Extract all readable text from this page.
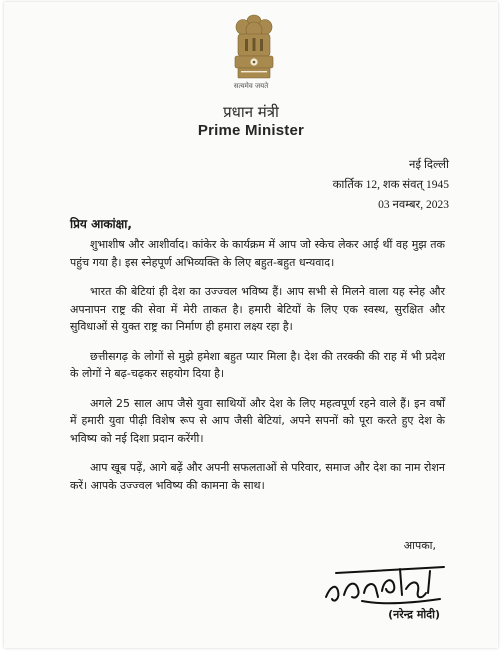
सत्यमेव जयते
प्रधान मंत्री
Prime Minister
नई दिल्ली
कार्तिक 12, शक संवत् 1945
03 नवम्बर, 2023
प्रिय आकांक्षा,

शुभाशीष और आशीर्वाद। कांकेर के कार्यक्रम में आप जो स्केच लेकर आई थीं वह मुझ तक पहुंच गया है। इस स्नेहपूर्ण अभिव्यक्ति के लिए बहुत-बहुत धन्यवाद।

भारत की बेटियां ही देश का उज्ज्वल भविष्य हैं। आप सभी से मिलने वाला यह स्नेह और अपनापन राष्ट्र की सेवा में मेरी ताकत है। हमारी बेटियों के लिए एक स्वस्थ, सुरक्षित और सुविधाओं से युक्त राष्ट्र का निर्माण ही हमारा लक्ष्य रहा है।

छत्तीसगढ़ के लोगों से मुझे हमेशा बहुत प्यार मिला है। देश की तरक्की की राह में भी प्रदेश के लोगों ने बढ़-चढ़कर सहयोग दिया है।

अगले 25 साल आप जैसे युवा साथियों और देश के लिए महत्वपूर्ण रहने वाले हैं। इन वर्षों में हमारी युवा पीढ़ी विशेष रूप से आप जैसी बेटियां, अपने सपनों को पूरा करते हुए देश के भविष्य को नई दिशा प्रदान करेंगी।

आप खूब पढ़ें, आगे बढ़ें और अपनी सफलताओं से परिवार, समाज और देश का नाम रोशन करें। आपके उज्ज्वल भविष्य की कामना के साथ।

आपका,
(नरेन्द्र मोदी)
